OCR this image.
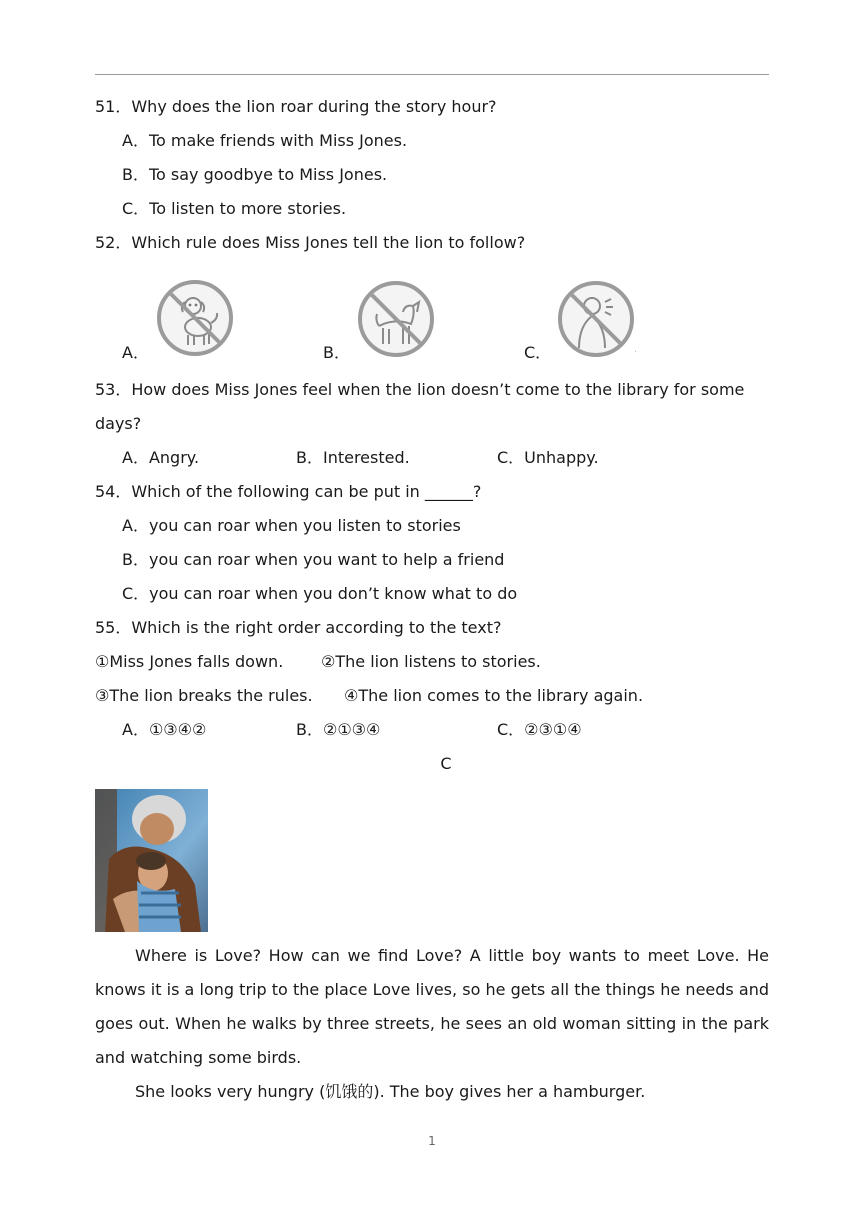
51．Why does the lion roar during the story hour?
A．To make friends with Miss Jones.
B．To say goodbye to Miss Jones.
C．To listen to more stories.
52．Which rule does Miss Jones tell the lion to follow?
A．	B．	C．	·
53．How does Miss Jones feel when the lion doesn’t come to the library for some
days?
A．Angry.	B．Interested.	C．Unhappy.
54．Which of the following can be put in ______?
A．you can roar when you listen to stories
B．you can roar when you want to help a friend
C．you can roar when you don’t know what to do
55．Which is the right order according to the text?
①Miss Jones falls down. ②The lion listens to stories.
③The lion breaks the rules. ④The lion comes to the library again.
A．①③④②	B．②①③④	C．②③①④
C
Where is Love? How can we find Love? A little boy wants to meet Love. He knows it is a long trip to the place Love lives, so he gets all the things he needs and goes out. When he walks by three streets, he sees an old woman sitting in the park and watching some birds.
She looks very hungry (饥饿的). The boy gives her a hamburger.
1
